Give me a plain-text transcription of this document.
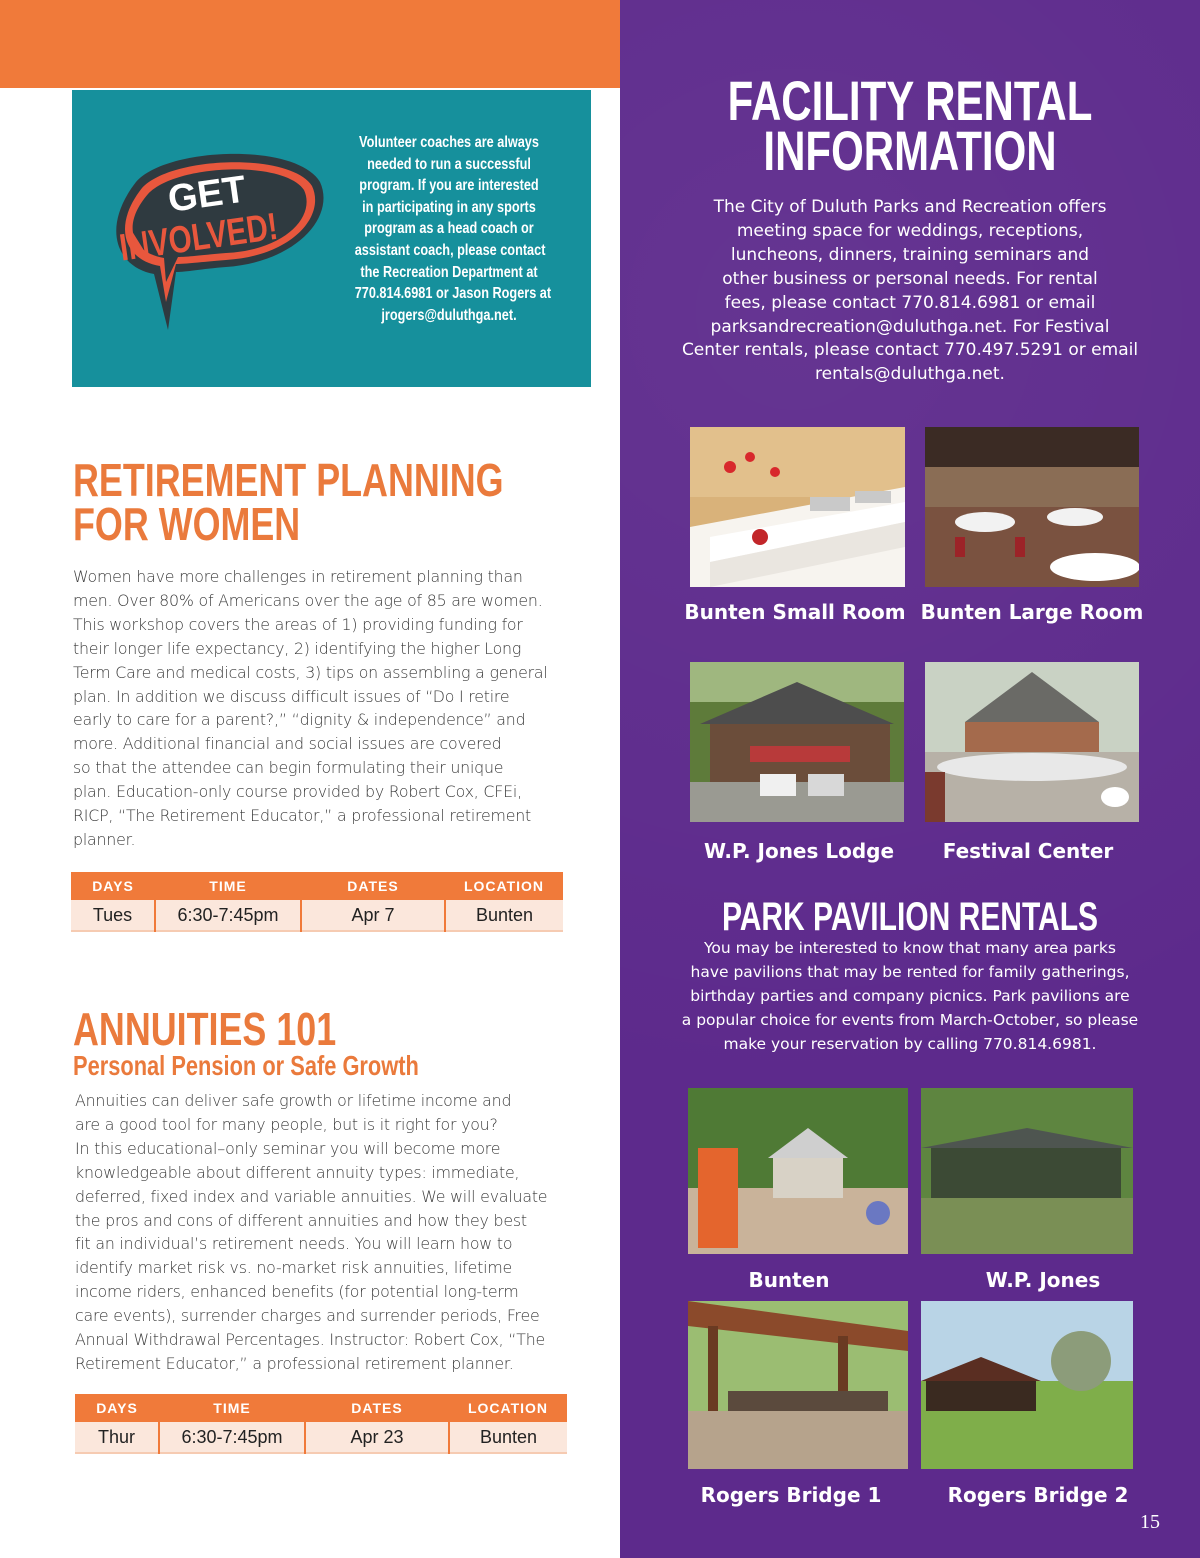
GET
INVOLVED!
Volunteer coaches are always
needed to run a successful
program. If you are interested
in participating in any sports
program as a head coach or
assistant coach, please contact
the Recreation Department at
770.814.6981 or Jason Rogers at
jrogers@duluthga.net.
RETIREMENT PLANNING
FOR WOMEN
Women have more challenges in retirement planning than
men. Over 80% of Americans over the age of 85 are women.
This workshop covers the areas of 1) providing funding for
their longer life expectancy, 2) identifying the higher Long
Term Care and medical costs, 3) tips on assembling a general
plan. In addition we discuss difficult issues of “Do I retire
early to care for a parent?,” “dignity & independence” and
more. Additional financial and social issues are covered
so that the attendee can begin formulating their unique
plan. Education-only course provided by Robert Cox, CFEi,
RICP, “The Retirement Educator,” a professional retirement
planner.
DAYS	TIME	DATES	LOCATION
Tues	6:30-7:45pm	Apr 7	Bunten
ANNUITIES 101
Personal Pension or Safe Growth
Annuities can deliver safe growth or lifetime income and
are a good tool for many people, but is it right for you?
In this educational–only seminar you will become more
knowledgeable about different annuity types: immediate,
deferred, fixed index and variable annuities. We will evaluate
the pros and cons of different annuities and how they best
fit an individual’s retirement needs. You will learn how to
identify market risk vs. no-market risk annuities, lifetime
income riders, enhanced benefits (for potential long-term
care events), surrender charges and surrender periods, Free
Annual Withdrawal Percentages. Instructor: Robert Cox, “The
Retirement Educator,” a professional retirement planner.
DAYS	TIME	DATES	LOCATION
Thur	6:30-7:45pm	Apr 23	Bunten
FACILITY RENTAL
INFORMATION
The City of Duluth Parks and Recreation offers
meeting space for weddings, receptions,
luncheons, dinners, training seminars and
other business or personal needs. For rental
fees, please contact 770.814.6981 or email
parksandrecreation@duluthga.net. For Festival
Center rentals, please contact 770.497.5291 or email
rentals@duluthga.net.
Bunten Small Room Bunten Large Room
W.P. Jones Lodge	Festival Center
PARK PAVILION RENTALS
You may be interested to know that many area parks
have pavilions that may be rented for family gatherings,
birthday parties and company picnics. Park pavilions are
a popular choice for events from March-October, so please
make your reservation by calling 770.814.6981.
Bunten	W.P. Jones
Rogers Bridge 1	Rogers Bridge 2
15
